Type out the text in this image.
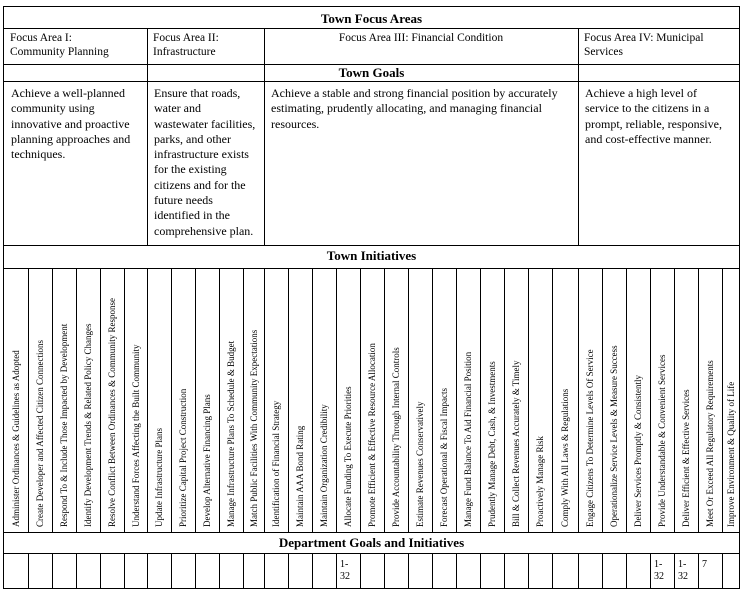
Town Focus Areas
Focus Area I:
Community Planning
Focus Area II:
Infrastructure
Focus Area III: Financial Condition	Focus Area IV: Municipal
Services
Town Goals
Achieve a well-planned community using innovative and proactive planning approaches and techniques.
Ensure that roads, water and wastewater facilities, parks, and other infrastructure exists for the existing citizens and for the future needs identified in the comprehensive plan.
Achieve a stable and strong financial position by accurately estimating, prudently allocating, and managing financial resources.
Achieve a high level of service to the citizens in a prompt, reliable, responsive, and cost-effective manner.
Town Initiatives
Administer Ordinances & Guidelines as Adopted Create Developer and Affected Citizen Connections Respond To & Include Those Impacted by Development Identify Development Trends & Related Policy Changes Resolve Conflict Between Ordinances & Community Response Understand Forces Affecting the Built Community Update Infrastructure Plans Prioritize Capital Project Construction Develop Alternative Financing Plans Manage Infrastructure Plans To Schedule & Budget Match Public Facilities With Community Expectations Identification of Financial Strategy Maintain AAA Bond Rating Maintain Organization Credibility Allocate Funding To Execute Priorities Promote Efficient & Effective Resource Allocation Provide Accountability Through Internal Controls Estimate Revenues Conservatively Forecast Operational & Fiscal Impacts Manage Fund Balance To Aid Financial Position Prudently Manage Debt, Cash, & Investments Bill & Collect Revenues Accurately & Timely Proactively Manage Risk Comply With All Laws & Regulations Engage Citizens To Determine Levels Of Service Operationalize Service Levels & Measure Success Deliver Services Promptly & Consistently Provide Understandable & Convenient Services Deliver Efficient & Effective Services Meet Or Exceed All Regulatory Requirements Improve Environment & Quality of Life
Department Goals and Initiatives
1-
32
1-
32
1-
32
7
